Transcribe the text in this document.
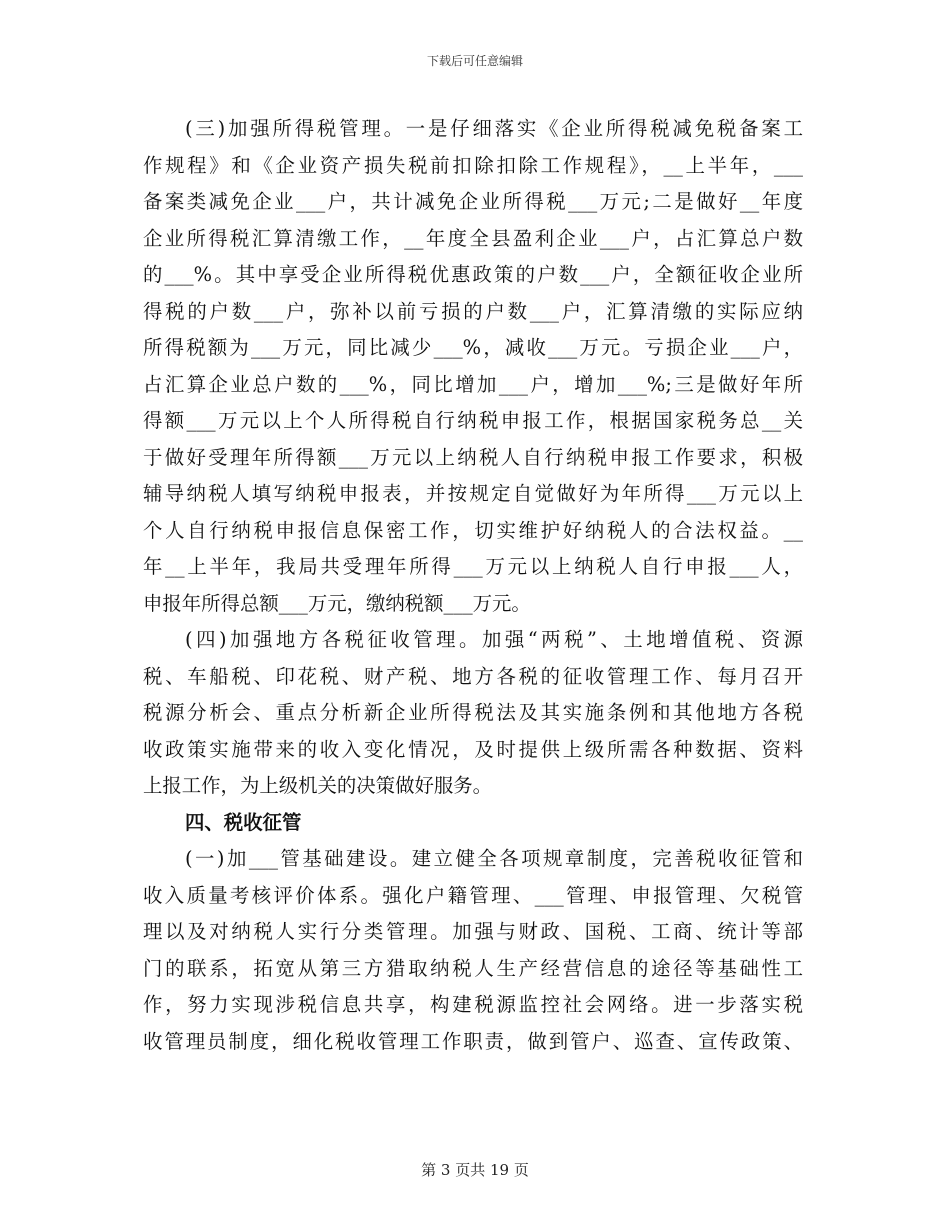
下载后可任意编辑
(三)加强所得税管理。一是仔细落实《企业所得税减免税备案工
作规程》和《企业资产损失税前扣除扣除工作规程》，__上半年，___
备案类减免企业___户，共计减免企业所得税___万元;二是做好__年度
企业所得税汇算清缴工作，__年度全县盈利企业___户，占汇算总户数
的___%。其中享受企业所得税优惠政策的户数___户，全额征收企业所
得税的户数___户，弥补以前亏损的户数___户，汇算清缴的实际应纳
所得税额为___万元，同比减少___%，减收___万元。亏损企业___户，
占汇算企业总户数的___%，同比增加___户，增加___%;三是做好年所
得额___万元以上个人所得税自行纳税申报工作，根据国家税务总__关
于做好受理年所得额___万元以上纳税人自行纳税申报工作要求，积极
辅导纳税人填写纳税申报表，并按规定自觉做好为年所得___万元以上
个人自行纳税申报信息保密工作，切实维护好纳税人的合法权益。__
年__上半年，我局共受理年所得___万元以上纳税人自行申报___人，
申报年所得总额___万元，缴纳税额___万元。
(四)加强地方各税征收管理。加强“两税”、土地增值税、资源
税、车船税、印花税、财产税、地方各税的征收管理工作、每月召开
税源分析会、重点分析新企业所得税法及其实施条例和其他地方各税
收政策实施带来的收入变化情况，及时提供上级所需各种数据、资料
上报工作，为上级机关的决策做好服务。
四、税收征管
(一)加___管基础建设。建立健全各项规章制度，完善税收征管和
收入质量考核评价体系。强化户籍管理、___管理、申报管理、欠税管
理以及对纳税人实行分类管理。加强与财政、国税、工商、统计等部
门的联系，拓宽从第三方猎取纳税人生产经营信息的途径等基础性工
作，努力实现涉税信息共享，构建税源监控社会网络。进一步落实税
收管理员制度，细化税收管理工作职责，做到管户、巡查、宣传政策、
第 3 页共 19 页
